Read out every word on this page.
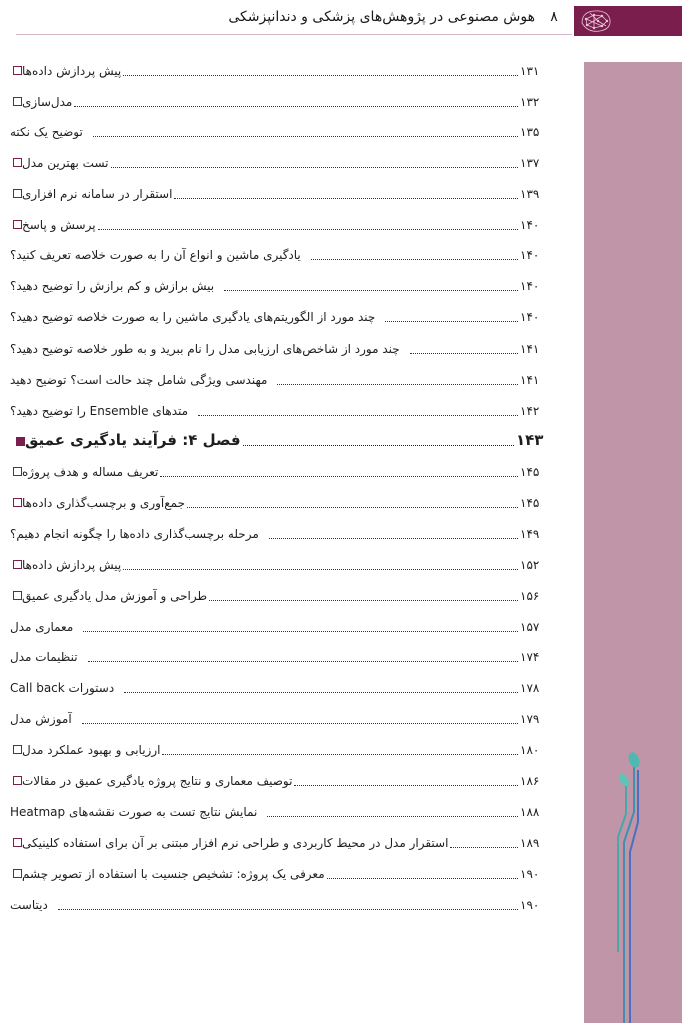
۸
هوش مصنوعی در پژوهش‌های پزشکی و دندانپزشکی
پیش پردازش داده‌ها	۱۳۱
مدل‌سازی	۱۳۲
توضیح یک نکته	۱۳۵
تست بهترین مدل	۱۳۷
استقرار در سامانه نرم افزاری	۱۳۹
پرسش و پاسخ	۱۴۰
یادگیری ماشین و انواع آن را به صورت خلاصه تعریف کنید؟	۱۴۰
بیش برازش و کم برازش را توضیح دهید؟	۱۴۰
چند مورد از الگوریتم‌های یادگیری ماشین را به صورت خلاصه توضیح دهید؟	۱۴۰
چند مورد از شاخص‌های ارزیابی مدل را نام ببرید و به طور خلاصه توضیح دهید؟	۱۴۱
مهندسی ویژگی شامل چند حالت است؟ توضیح دهید	۱۴۱
متدهای Ensemble را توضیح دهید؟	۱۴۲
فصل ۴: فرآیند یادگیری عمیق	۱۴۳
تعریف مساله و هدف پروژه	۱۴۵
جمع‌آوری و برچسب‌گذاری داده‌ها	۱۴۵
مرحله برچسب‌گذاری داده‌ها را چگونه انجام دهیم؟	۱۴۹
پیش پردازش داده‌ها	۱۵۲
طراحی و آموزش مدل یادگیری عمیق	۱۵۶
معماری مدل	۱۵۷
تنظیمات مدل	۱۷۴
دستورات Call back	۱۷۸
آموزش مدل	۱۷۹
ارزیابی و بهبود عملکرد مدل	۱۸۰
توصیف معماری و نتایج پروژه یادگیری عمیق در مقالات	۱۸۶
نمایش نتایج تست به صورت نقشه‌های Heatmap	۱۸۸
استقرار مدل در محیط کاربردی و طراحی نرم افزار مبتنی بر آن برای استفاده کلینیکی	۱۸۹
معرفی یک پروژه: تشخیص جنسیت با استفاده از تصویر چشم	۱۹۰
دیتاست	۱۹۰
